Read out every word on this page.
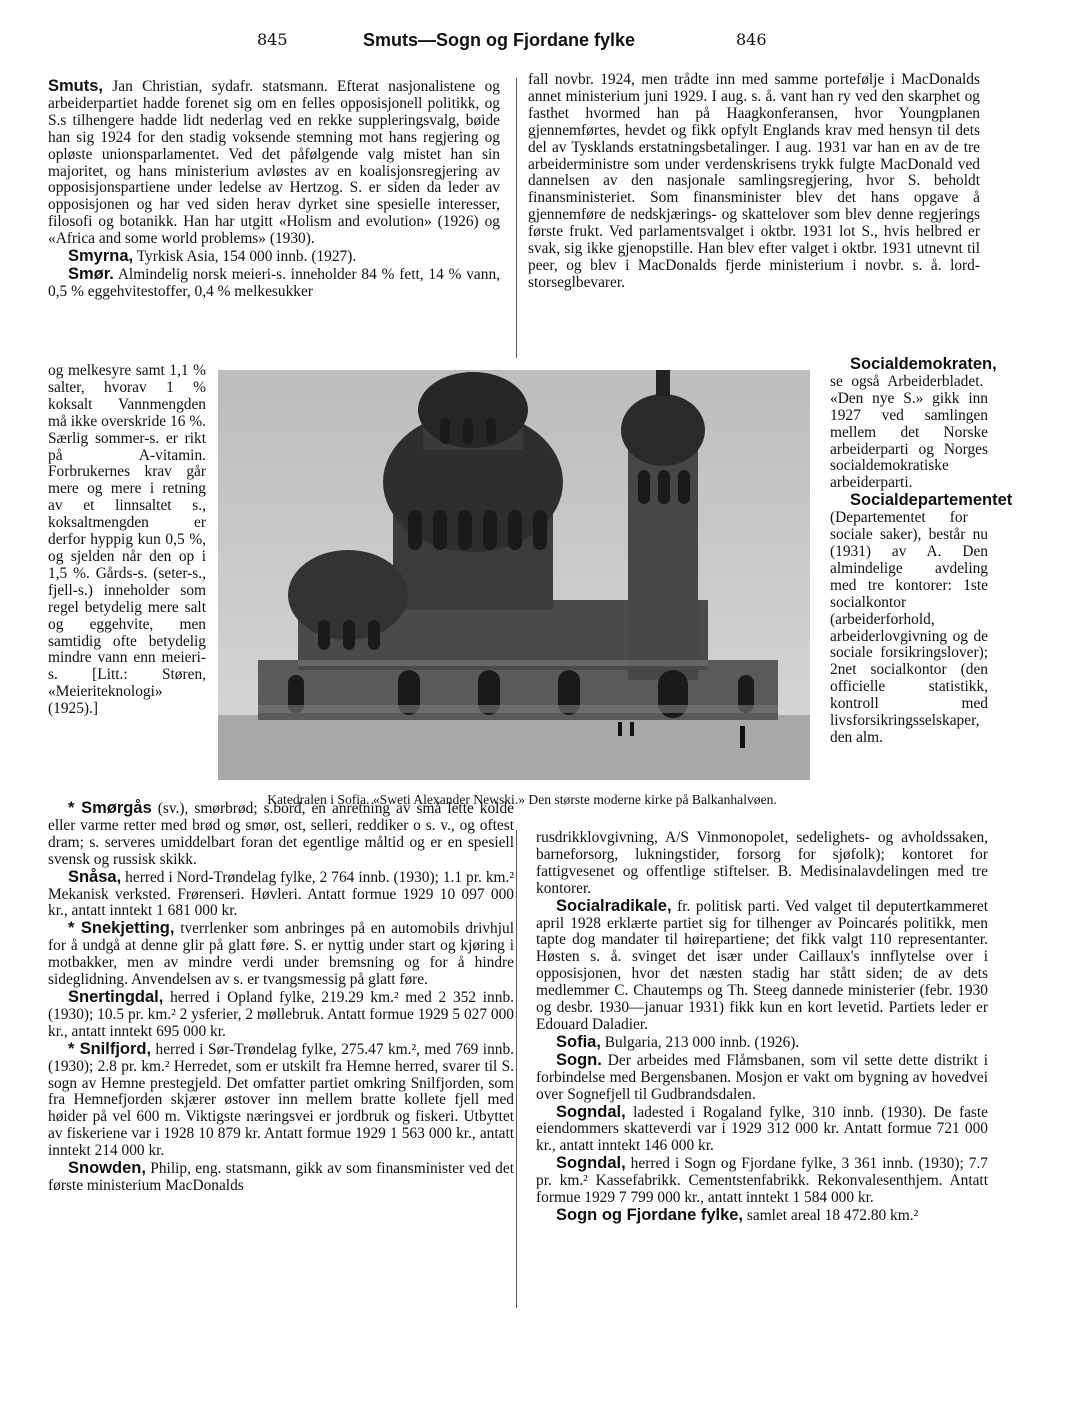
845	Smuts—Sogn og Fjordane fylke	846

Smuts, Jan Christian, sydafr. statsmann. Efterat nasjonalistene og arbeiderpartiet hadde forenet sig om en felles opposisjonell politikk, og S.s tilhengere hadde lidt nederlag ved en rekke suppleringsvalg, bøide han sig 1924 for den stadig voksende stemning mot hans regjering og opløste unionsparlamentet. Ved det påfølgende valg mistet han sin majoritet, og hans ministerium avløstes av en koalisjonsregjering av opposisjonspartiene under ledelse av Hertzog. S. er siden da leder av opposisjonen og har ved siden herav dyrket sine spesielle interesser, filosofi og botanikk. Han har utgitt «Holism and evolution» (1926) og «Africa and some world problems» (1930).

Smyrna, Tyrkisk Asia, 154 000 innb. (1927).

Smør. Almindelig norsk meieri-s. inneholder 84 % fett, 14 % vann, 0,5 % eggehvitestoffer, 0,4 % melkesukker

og melkesyre samt 1,1 % salter, hvorav 1 % koksalt Vannmengden må ikke overskride 16 %. Særlig sommer-s. er rikt på A-vitamin. Forbrukernes krav går mere og mere i retning av et linnsaltet s., koksaltmengden er derfor hyppig kun 0,5 %, og sjelden når den op i 1,5 %. Gårds-s. (seter-s., fjell-s.) inneholder som regel betydelig mere salt og eggehvite, men samtidig ofte betydelig mindre vann enn meieri-s. [Litt.: Støren, «Meieriteknologi» (1925).]

Katedralen i Sofia. «Sweti Alexander Newski.» Den største moderne kirke på Balkanhalvøen.

* Smørgås (sv.), smørbrød; s.bord, en anretning av små lette kolde eller varme retter med brød og smør, ost, selleri, reddiker o s. v., og oftest dram; s. serveres umiddelbart foran det egentlige måltid og er en spesiell svensk og russisk skikk.

Snåsa, herred i Nord-Trøndelag fylke, 2 764 innb. (1930); 1.1 pr. km.² Mekanisk verksted. Frørenseri. Høvleri. Antatt formue 1929 10 097 000 kr., antatt inntekt 1 681 000 kr.

* Snekjetting, tverrlenker som anbringes på en automobils drivhjul for å undgå at denne glir på glatt føre. S. er nyttig under start og kjøring i motbakker, men av mindre verdi under bremsning og for å hindre sideglidning. Anvendelsen av s. er tvangsmessig på glatt føre.

Snertingdal, herred i Opland fylke, 219.29 km.² med 2 352 innb. (1930); 10.5 pr. km.² 2 ysferier, 2 møllebruk. Antatt formue 1929 5 027 000 kr., antatt inntekt 695 000 kr.

* Snilfjord, herred i Sør-Trøndelag fylke, 275.47 km.², med 769 innb. (1930); 2.8 pr. km.² Herredet, som er utskilt fra Hemne herred, svarer til S. sogn av Hemne prestegjeld. Det omfatter partiet omkring Snilfjorden, som fra Hemnefjorden skjærer østover inn mellem bratte kollete fjell med høider på vel 600 m. Viktigste næringsvei er jordbruk og fiskeri. Utbyttet av fiskeriene var i 1928 10 879 kr. Antatt formue 1929 1 563 000 kr., antatt inntekt 214 000 kr.

Snowden, Philip, eng. statsmann, gikk av som finansminister ved det første ministerium MacDonalds

fall novbr. 1924, men trådte inn med samme portefølje i MacDonalds annet ministerium juni 1929. I aug. s. å. vant han ry ved den skarphet og fasthet hvormed han på Haagkonferansen, hvor Youngplanen gjennemførtes, hevdet og fikk opfylt Englands krav med hensyn til dets del av Tysklands erstatningsbetalinger. I aug. 1931 var han en av de tre arbeiderministre som under verdenskrisens trykk fulgte MacDonald ved dannelsen av den nasjonale samlingsregjering, hvor S. beholdt finansministeriet. Som finansminister blev det hans opgave å gjennemføre de nedskjærings- og skattelover som blev denne regjerings første frukt. Ved parlamentsvalget i oktbr. 1931 lot S., hvis helbred er svak, sig ikke gjenopstille. Han blev efter valget i oktbr. 1931 utnevnt til peer, og blev i MacDonalds fjerde ministerium i novbr. s. å. lord-storseglbevarer.

Socialdemokraten, se også Arbeiderbladet. «Den nye S.» gikk inn 1927 ved samlingen mellem det Norske arbeiderparti og Norges socialdemokratiske arbeiderparti.

Socialdepartementet (Departementet for sociale saker), består nu (1931) av A. Den almindelige avdeling med tre kontorer: 1ste socialkontor (arbeiderforhold, arbeiderlovgivning og de sociale forsikringslover); 2net socialkontor (den officielle statistikk, kontroll med livsforsikringsselskaper, den alm.

rusdrikklovgivning, A/S Vinmonopolet, sedelighets- og avholdssaken, barneforsorg, lukningstider, forsorg for sjøfolk); kontoret for fattigvesenet og offentlige stiftelser. B. Medisinalavdelingen med tre kontorer.

Socialradikale, fr. politisk parti. Ved valget til deputertkammeret april 1928 erklærte partiet sig for tilhenger av Poincarés politikk, men tapte dog mandater til høirepartiene; det fikk valgt 110 representanter. Høsten s. å. svinget det især under Caillaux's innflytelse over i opposisjonen, hvor det næsten stadig har stått siden; de av dets medlemmer C. Chautemps og Th. Steeg dannede ministerier (febr. 1930 og desbr. 1930—januar 1931) fikk kun en kort levetid. Partiets leder er Edouard Daladier.

Sofia, Bulgaria, 213 000 innb. (1926).

Sogn. Der arbeides med Flåmsbanen, som vil sette dette distrikt i forbindelse med Bergensbanen. Mosjon er vakt om bygning av hovedvei over Sognefjell til Gudbrandsdalen.

Sogndal, ladested i Rogaland fylke, 310 innb. (1930). De faste eiendommers skatteverdi var i 1929 312 000 kr. Antatt formue 721 000 kr., antatt inntekt 146 000 kr.

Sogndal, herred i Sogn og Fjordane fylke, 3 361 innb. (1930); 7.7 pr. km.² Kassefabrikk. Cementstenfabrikk. Rekonvalesenthjem. Antatt formue 1929 7 799 000 kr., antatt inntekt 1 584 000 kr.

Sogn og Fjordane fylke, samlet areal 18 472.80 km.²
